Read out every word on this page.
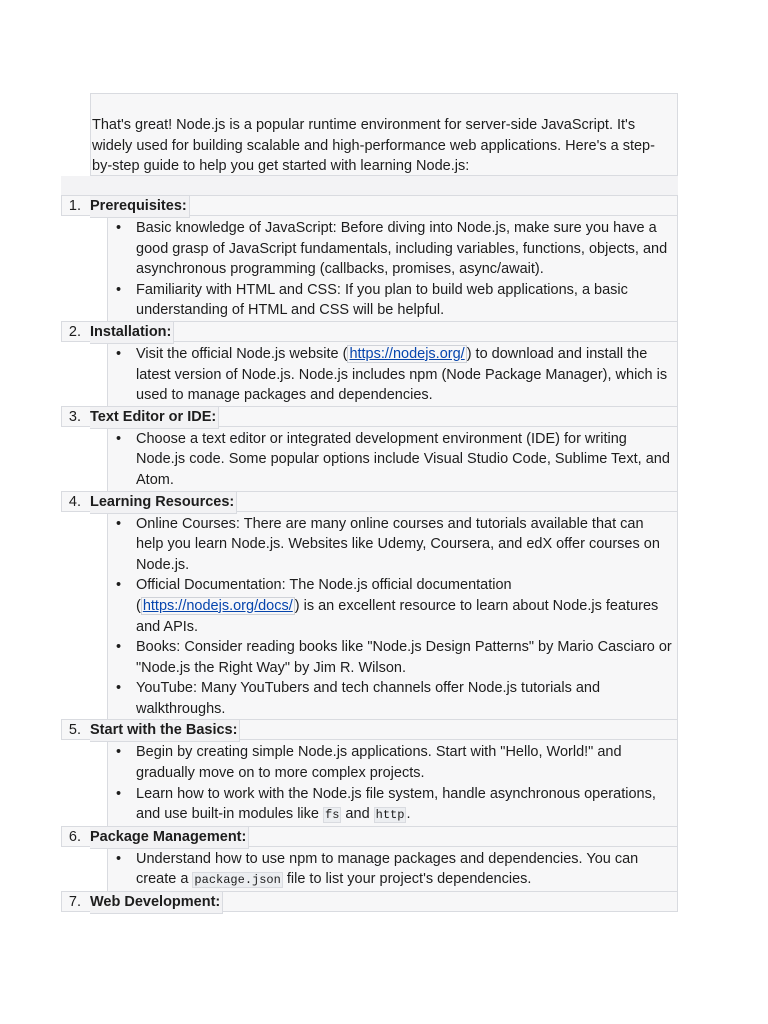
That's great! Node.js is a popular runtime environment for server-side JavaScript. It's widely used for building scalable and high-performance web applications. Here's a step-by-step guide to help you get started with learning Node.js:
1. Prerequisites:
• Basic knowledge of JavaScript: Before diving into Node.js, make sure you have a good grasp of JavaScript fundamentals, including variables, functions, objects, and asynchronous programming (callbacks, promises, async/await).
• Familiarity with HTML and CSS: If you plan to build web applications, a basic understanding of HTML and CSS will be helpful.
2. Installation:
• Visit the official Node.js website ( https://nodejs.org/ ) to download and install the latest version of Node.js. Node.js includes npm (Node Package Manager), which is used to manage packages and dependencies.
3. Text Editor or IDE:
• Choose a text editor or integrated development environment (IDE) for writing Node.js code. Some popular options include Visual Studio Code, Sublime Text, and Atom.
4. Learning Resources:
• Online Courses: There are many online courses and tutorials available that can help you learn Node.js. Websites like Udemy, Coursera, and edX offer courses on Node.js.
• Official Documentation: The Node.js official documentation ( https://nodejs.org/docs/ ) is an excellent resource to learn about Node.js features and APIs.
• Books: Consider reading books like "Node.js Design Patterns" by Mario Casciaro or "Node.js the Right Way" by Jim R. Wilson.
• YouTube: Many YouTubers and tech channels offer Node.js tutorials and walkthroughs.
5. Start with the Basics:
• Begin by creating simple Node.js applications. Start with "Hello, World!" and gradually move on to more complex projects.
• Learn how to work with the Node.js file system, handle asynchronous operations, and use built-in modules like fs and http .
6. Package Management:
• Understand how to use npm to manage packages and dependencies. You can create a package.json file to list your project's dependencies.
7. Web Development:
